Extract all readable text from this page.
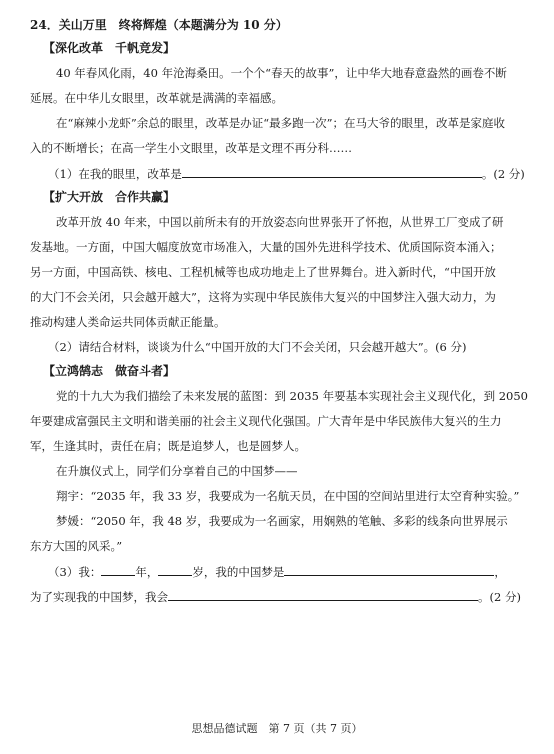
24．关山万里　终将辉煌（本题满分为 10 分）
【深化改革　千帆竞发】
40 年春风化雨，40 年沧海桑田。一个个“春天的故事”，让中华大地春意盎然的画卷不断
延展。在中华儿女眼里，改革就是满满的幸福感。
在“麻辣小龙虾”余总的眼里，改革是办证“最多跑一次”；在马大爷的眼里，改革是家庭收
入的不断增长；在高一学生小文眼里，改革是文理不再分科……
（1）在我的眼里，改革是	。(2 分)
【扩大开放　合作共赢】
改革开放 40 年来，中国以前所未有的开放姿态向世界张开了怀抱，从世界工厂变成了研
发基地。一方面，中国大幅度放宽市场准入，大量的国外先进科学技术、优质国际资本涌入；
另一方面，中国高铁、核电、工程机械等也成功地走上了世界舞台。进入新时代，“中国开放
的大门不会关闭，只会越开越大”，这将为实现中华民族伟大复兴的中国梦注入强大动力，为
推动构建人类命运共同体贡献正能量。
（2）请结合材料，谈谈为什么“中国开放的大门不会关闭，只会越开越大”。(6 分)
【立鸿鹄志　做奋斗者】
党的十九大为我们描绘了未来发展的蓝图：到 2035 年要基本实现社会主义现代化，到 2050
年要建成富强民主文明和谐美丽的社会主义现代化强国。广大青年是中华民族伟大复兴的生力
军，生逢其时，责任在肩；既是追梦人，也是圆梦人。
在升旗仪式上，同学们分享着自己的中国梦——
翔宇：“2035 年，我 33 岁，我要成为一名航天员，在中国的空间站里进行太空育种实验。”
梦媛：“2050 年，我 48 岁，我要成为一名画家，用娴熟的笔触、多彩的线条向世界展示
东方大国的风采。”
（3）我：	年，	岁，我的中国梦是	，
为了实现我的中国梦，我会	。(2 分)
思想品德试题　第 7 页（共 7 页）
